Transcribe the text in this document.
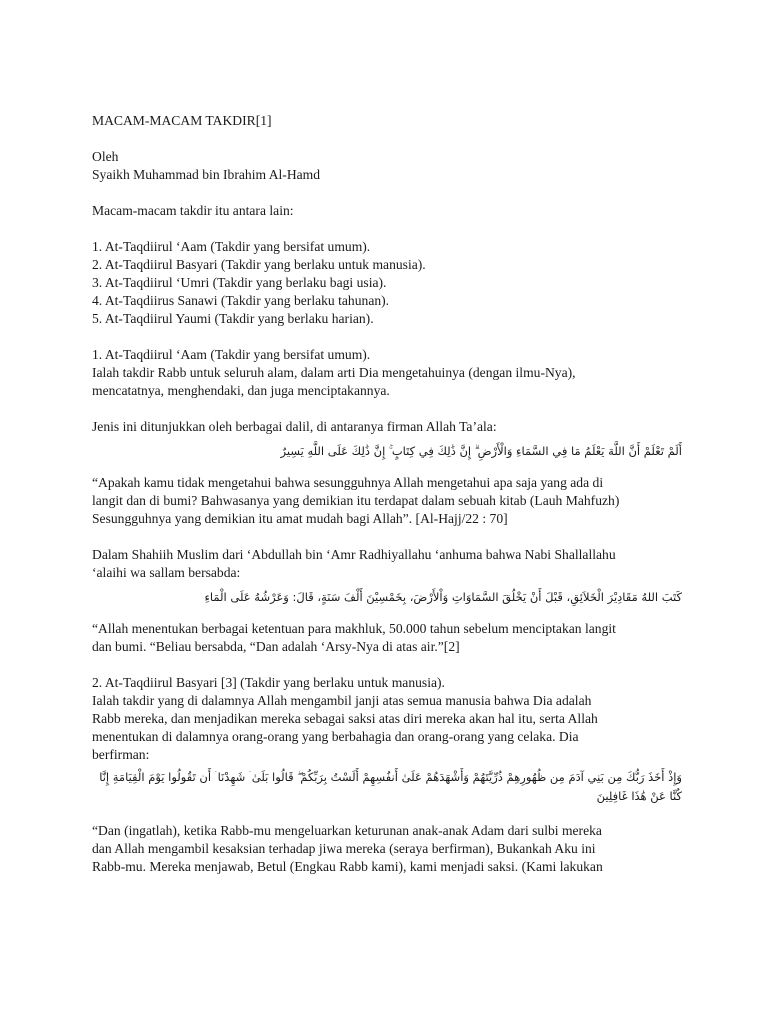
MACAM-MACAM TAKDIR[1]
Oleh
Syaikh Muhammad bin Ibrahim Al-Hamd
Macam-macam takdir itu antara lain:
1. At-Taqdiirul ‘Aam (Takdir yang bersifat umum).
2. At-Taqdiirul Basyari (Takdir yang berlaku untuk manusia).
3. At-Taqdiirul ‘Umri (Takdir yang berlaku bagi usia).
4. At-Taqdiirus Sanawi (Takdir yang berlaku tahunan).
5. At-Taqdiirul Yaumi (Takdir yang berlaku harian).
1. At-Taqdiirul ‘Aam (Takdir yang bersifat umum).
Ialah takdir Rabb untuk seluruh alam, dalam arti Dia mengetahuinya (dengan ilmu-Nya),
mencatatnya, menghendaki, dan juga menciptakannya.
Jenis ini ditunjukkan oleh berbagai dalil, di antaranya firman Allah Ta’ala:
أَلَمْ تَعْلَمْ أَنَّ اللَّهَ يَعْلَمُ مَا فِي السَّمَاءِ وَالْأَرْضِ ۗ إِنَّ ذَٰلِكَ فِي كِتَابٍ ۚ إِنَّ ذَٰلِكَ عَلَى اللَّهِ يَسِيرٌ
“Apakah kamu tidak mengetahui bahwa sesungguhnya Allah mengetahui apa saja yang ada di
langit dan di bumi? Bahwasanya yang demikian itu terdapat dalam sebuah kitab (Lauh Mahfuzh)
Sesungguhnya yang demikian itu amat mudah bagi Allah”. [Al-Hajj/22 : 70]
Dalam Shahiih Muslim dari ‘Abdullah bin ‘Amr Radhiyallahu ‘anhuma bahwa Nabi Shallallahu
‘alaihi wa sallam bersabda:
كَتَبَ اللهُ مَقَادِيْرَ الْخَلاَئِقِ، قَبْلَ أَنْ يَخْلُقَ السَّمَاوَاتِ وَاْلأَرْضَ، بِخَمْسِيْنَ أَلْفَ سَنَةٍ، قَالَ: وَعَرْشُهُ عَلَى الْمَاءِ
“Allah menentukan berbagai ketentuan para makhluk, 50.000 tahun sebelum menciptakan langit
dan bumi. “Beliau bersabda, “Dan adalah ‘Arsy-Nya di atas air.”[2]
2. At-Taqdiirul Basyari [3] (Takdir yang berlaku untuk manusia).
Ialah takdir yang di dalamnya Allah mengambil janji atas semua manusia bahwa Dia adalah
Rabb mereka, dan menjadikan mereka sebagai saksi atas diri mereka akan hal itu, serta Allah
menentukan di dalamnya orang-orang yang berbahagia dan orang-orang yang celaka. Dia
berfirman:
وَإِذْ أَخَذَ رَبُّكَ مِن بَنِي آدَمَ مِن ظُهُورِهِمْ ذُرِّيَّتَهُمْ وَأَشْهَدَهُمْ عَلَىٰ أَنفُسِهِمْ أَلَسْتُ بِرَبِّكُمْ ۖ قَالُوا بَلَىٰ ۛ شَهِدْنَا ۛ أَن تَقُولُوا يَوْمَ الْقِيَامَةِ إِنَّا كُنَّا عَنْ هَٰذَا غَافِلِينَ
“Dan (ingatlah), ketika Rabb-mu mengeluarkan keturunan anak-anak Adam dari sulbi mereka
dan Allah mengambil kesaksian terhadap jiwa mereka (seraya berfirman), Bukankah Aku ini
Rabb-mu. Mereka menjawab, Betul (Engkau Rabb kami), kami menjadi saksi. (Kami lakukan
